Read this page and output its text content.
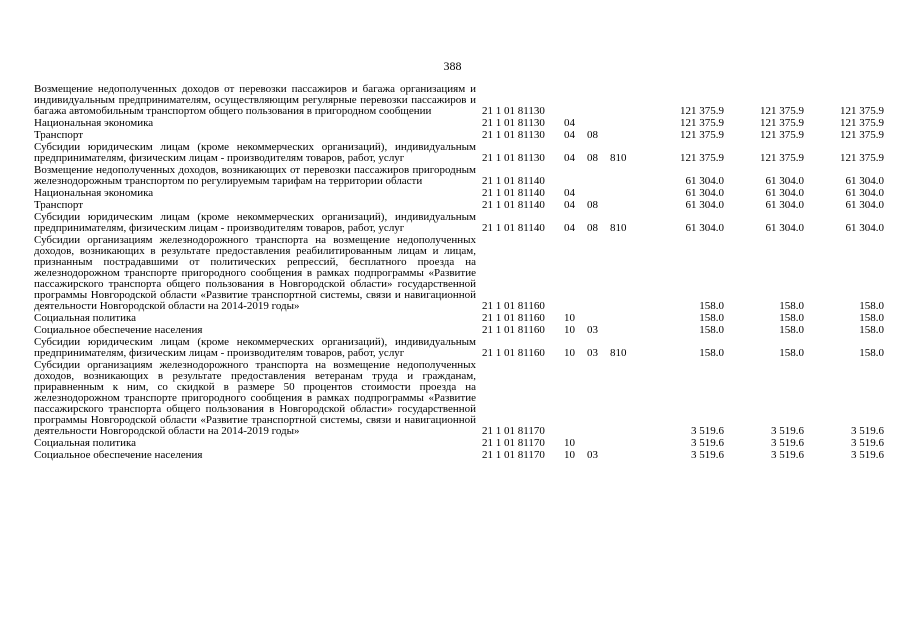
388
Возмещение недополученных доходов от перевозки пассажиров и багажа организациям и индивидуальным предпринимателям, осуществляющим регулярные перевозки пассажиров и багажа автомобильным транспортом общего пользования в пригородном сообщении	21 1 01 81130				121 375.9	121 375.9	121 375.9
Национальная экономика	21 1 01 81130	04			121 375.9	121 375.9	121 375.9
Транспорт	21 1 01 81130	04	08		121 375.9	121 375.9	121 375.9
Субсидии юридическим лицам (кроме некоммерческих организаций), индивидуальным предпринимателям, физическим лицам - производителям товаров, работ, услуг	21 1 01 81130	04	08	810	121 375.9	121 375.9	121 375.9
Возмещение недополученных доходов, возникающих от перевозки пассажиров пригородным железнодорожным транспортом по регулируемым тарифам на территории области	21 1 01 81140				61 304.0	61 304.0	61 304.0
Национальная экономика	21 1 01 81140	04			61 304.0	61 304.0	61 304.0
Транспорт	21 1 01 81140	04	08		61 304.0	61 304.0	61 304.0
Субсидии юридическим лицам (кроме некоммерческих организаций), индивидуальным предпринимателям, физическим лицам - производителям товаров, работ, услуг	21 1 01 81140	04	08	810	61 304.0	61 304.0	61 304.0
Субсидии организациям железнодорожного транспорта на возмещение недополученных доходов, возникающих в результате предоставления реабилитированным лицам и лицам, признанным пострадавшими от политических репрессий, бесплатного проезда на железнодорожном транспорте пригородного сообщения в рамках подпрограммы «Развитие пассажирского транспорта общего пользования в Новгородской области» государственной программы Новгородской области «Развитие транспортной системы, связи и навигационной деятельности Новгородской области на 2014-2019 годы»	21 1 01 81160				158.0	158.0	158.0
Социальная политика	21 1 01 81160	10			158.0	158.0	158.0
Социальное обеспечение населения	21 1 01 81160	10	03		158.0	158.0	158.0
Субсидии юридическим лицам (кроме некоммерческих организаций), индивидуальным предпринимателям, физическим лицам - производителям товаров, работ, услуг	21 1 01 81160	10	03	810	158.0	158.0	158.0
Субсидии организациям железнодорожного транспорта на возмещение недополученных доходов, возникающих в результате предоставления ветеранам труда и гражданам, приравненным к ним, со скидкой в размере 50 процентов стоимости проезда на железнодорожном транспорте пригородного сообщения в рамках подпрограммы «Развитие пассажирского транспорта общего пользования в Новгородской области» государственной программы Новгородской области «Развитие транспортной системы, связи и навигационной деятельности Новгородской области на 2014-2019 годы»	21 1 01 81170				3 519.6	3 519.6	3 519.6
Социальная политика	21 1 01 81170	10			3 519.6	3 519.6	3 519.6
Социальное обеспечение населения	21 1 01 81170	10	03		3 519.6	3 519.6	3 519.6
